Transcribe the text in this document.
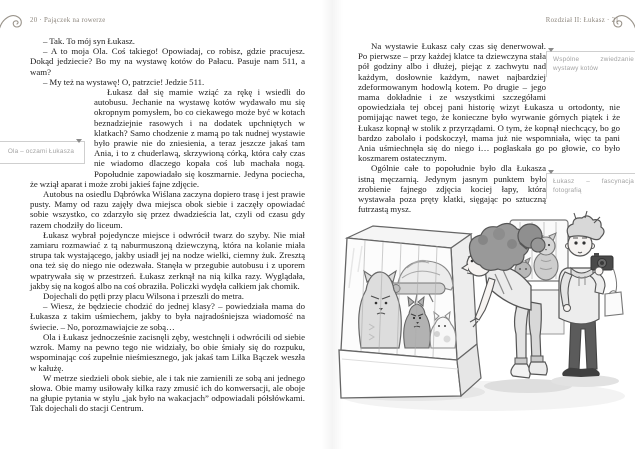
20 · Pajączek na rowerze

– Tak. To mój syn Łukasz.

– A to moja Ola. Coś takiego! Opowiadaj, co robisz, gdzie pracujesz. Dokąd jedziecie? Bo my na wystawę kotów do Pałacu. Pasuje nam 511, a wam?

– My też na wystawę! O, patrzcie! Jedzie 511.

Ola – oczami Łukasza
Łukasz dał się mamie wziąć za rękę i wsiedli do autobusu. Jechanie na wystawę kotów wydawało mu się okropnym pomysłem, bo co ciekawego może być w kotach beznadziejnie rasowych i na dodatek upchniętych w klatkach? Samo chodzenie z mamą po tak nudnej wystawie było prawie nie do zniesienia, a teraz jeszcze jakaś tam Ania, i to z chuderlawą, skrzywioną córką, która cały czas nie wiadomo dlaczego kopała coś lub machała nogą. Popołudnie zapowiadało się koszmarnie. Jedyna pociecha, że wziął aparat i może zrobi jakieś fajne zdjęcie.

Autobus na osiedlu Dąbrówka Wiślana zaczyna dopiero trasę i jest prawie pusty. Mamy od razu zajęły dwa miejsca obok siebie i zaczęły opowiadać sobie wszystko, co zdarzyło się przez dwadzieścia lat, czyli od czasu gdy razem chodziły do liceum.

Łukasz wybrał pojedyncze miejsce i odwrócił twarz do szyby. Nie miał zamiaru rozmawiać z tą naburmuszoną dziewczyną, która na kolanie miała strupa tak wystającego, jakby usiadł jej na nodze wielki, ciemny żuk. Zresztą ona też się do niego nie odezwała. Stanęła w przegubie autobusu i z uporem wpatrywała się w przestrzeń. Łukasz zerknął na nią kilka razy. Wyglądała, jakby się na kogoś albo na coś obraziła. Policzki wydęła całkiem jak chomik.

Dojechali do pętli przy placu Wilsona i przeszli do metra.

– Wiesz, że będziecie chodzić do jednej klasy? – powiedziała mama do Łukasza z takim uśmiechem, jakby to była najradośniejsza wiadomość na świecie. – No, porozmawiajcie ze sobą…

Ola i Łukasz jednocześnie zacisnęli zęby, westchnęli i odwrócili od siebie wzrok. Mamy na pewno tego nie widziały, bo obie śmiały się do rozpuku, wspominając coś zupełnie nieśmiesznego, jak jakaś tam Lilka Bączek weszła w kałużę.

W metrze siedzieli obok siebie, ale i tak nie zamienili ze sobą ani jednego słowa. Obie mamy usiłowały kilka razy zmusić ich do konwersacji, ale oboje na głupie pytania w stylu „jak było na wakacjach” odpowiadali półsłówkami. Tak dojechali do stacji Centrum.

Rozdział II: Łukasz · 21

Wspólne zwiedzanie wystawy kotów
Na wystawie Łukasz cały czas się denerwował. Po pierwsze – przy każdej klatce ta dziewczyna stała pół godziny albo i dłużej, piejąc z zachwytu nad każdym, dosłownie każdym, nawet najbardziej zdeformowanym hodowlą kotem. Po drugie – jego mama dokładnie i ze wszystkimi szczegółami opowiedziała tej obcej pani historię wizyt Łukasza u ortodonty, nie pomijając nawet tego, że konieczne było wyrwanie górnych piątek i że Łukasz kopnął w stolik z przyrządami. O tym, że kopnął niechcący, bo go bardzo zabolało i podskoczył, mama już nie wspomniała, więc ta pani Ania uśmiechnęła się do niego i… pogłaskała go po głowie, co było koszmarem ostatecznym.

Łukasz – fascynacja fotografią
Ogólnie całe to popołudnie było dla Łukasza istną męczarnią. Jedynym jasnym punktem było zrobienie fajnego zdjęcia kociej łapy, która wystawała poza pręty klatki, sięgając po sztuczną futrzastą mysz.
